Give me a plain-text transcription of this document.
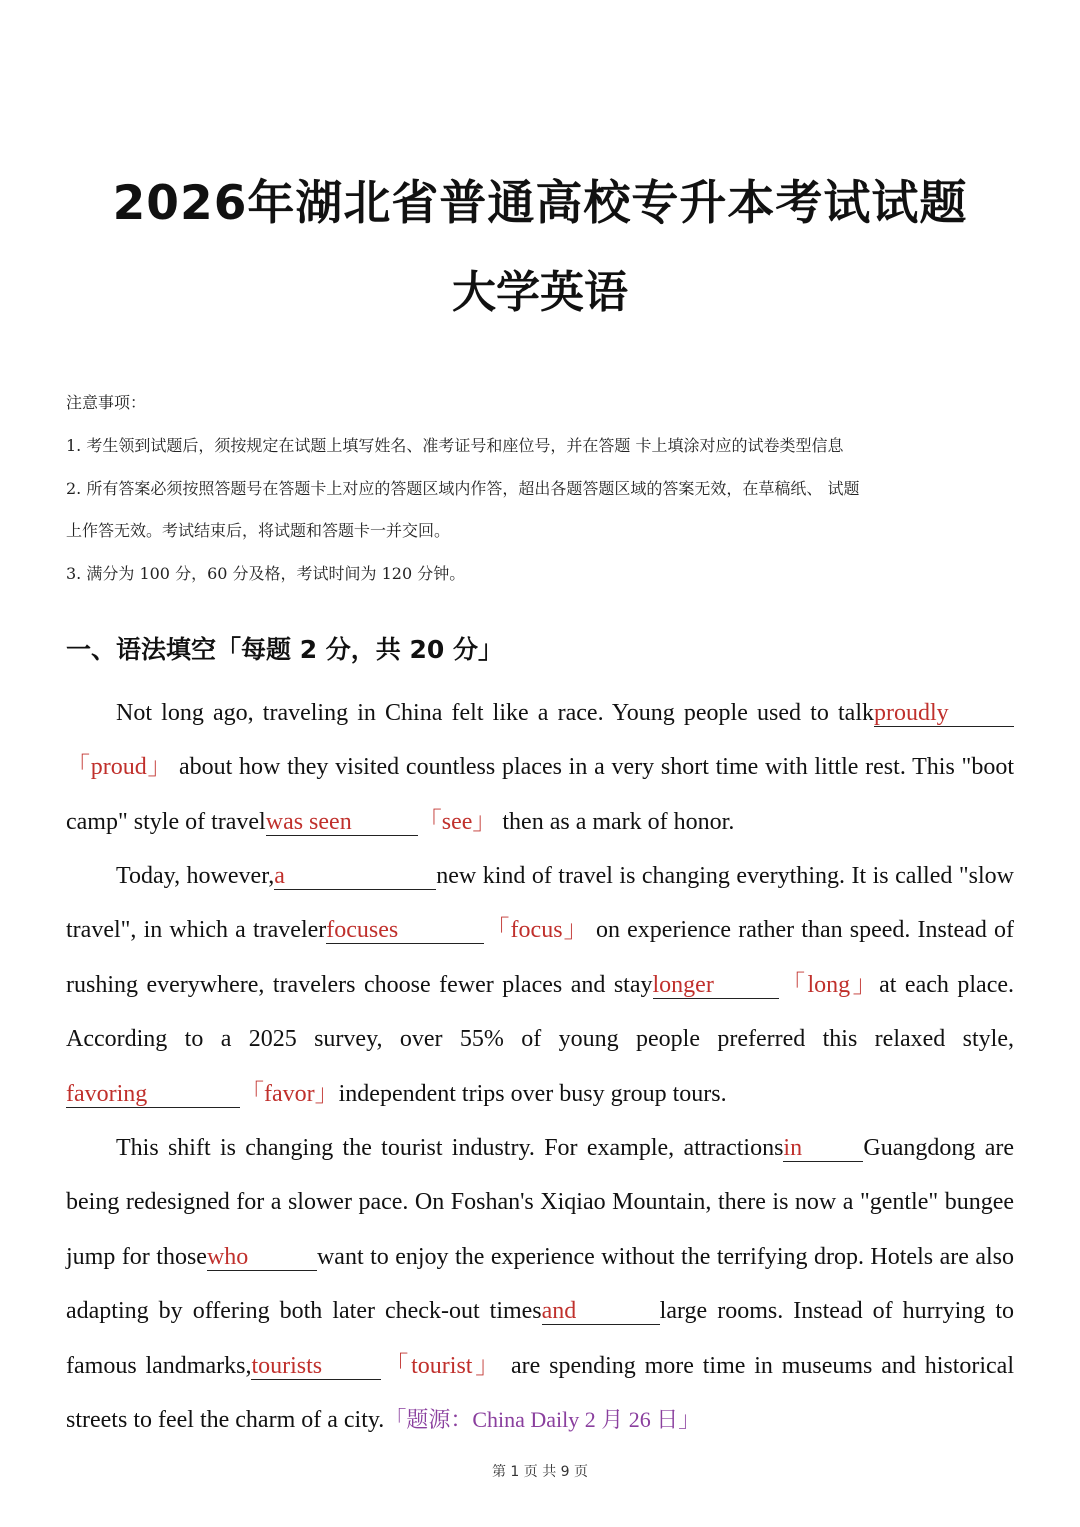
2026年湖北省普通高校专升本考试试题
大学英语
注意事项：
1. 考生领到试题后，须按规定在试题上填写姓名、准考证号和座位号，并在答题 卡上填涂对应的试卷类型信息
2. 所有答案必须按照答题号在答题卡上对应的答题区域内作答，超出各题答题区域的答案无效，在草稿纸、 试题
上作答无效。考试结束后，将试题和答题卡一并交回。
3. 满分为 100 分，60 分及格，考试时间为 120 分钟。
一、语法填空「每题 2 分，共 20 分」
Not long ago, traveling in China felt like a race. Young people used to talkproudly「proud」 about how they visited countless places in a very short time with little rest. This "boot camp" style of travelwas seen	「see」 then as a mark of honor.
Today, however,a	new kind of travel is changing everything. It is called "slow travel", in which a travelerfocuses	「focus」 on experience rather than speed. Instead of rushing everywhere, travelers choose fewer places and staylonger	「long」at each place. According to a 2025 survey, over 55% of young people preferred this relaxed style,favoring	「favor」independent trips over busy group tours.
This shift is changing the tourist industry. For example, attractionsin	Guangdong are being redesigned for a slower pace. On Foshan's Xiqiao Mountain, there is now a "gentle" bungee jump for thosewho	want to enjoy the experience without the terrifying drop. Hotels are also adapting by offering both later check-out timesand	large rooms. Instead of hurrying to famous landmarks,tourists 「tourist」 are spending more time in museums and historical streets to feel the charm of a city.「题源：China Daily 2 月 26 日」
第 1 页 共 9 页
